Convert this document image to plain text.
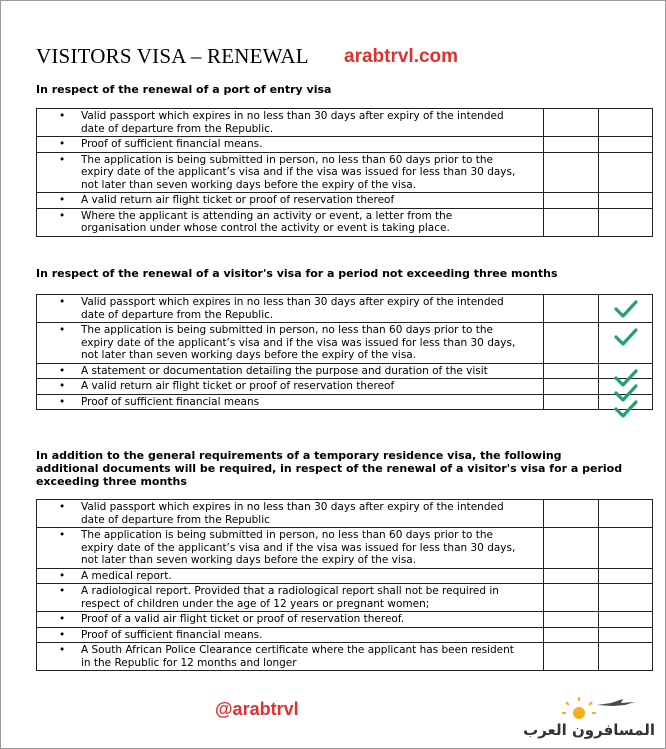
VISITORS VISA – RENEWAL arabtrvl.com
In respect of the renewal of a port of entry visa
• Valid passport which expires in no less than 30 days after expiry of the intended
date of departure from the Republic.		

• Proof of sufficient financial means.		

• The application is being submitted in person, no less than 60 days prior to the
expiry date of the applicant’s visa and if the visa was issued for less than 30 days,
not later than seven working days before the expiry of the visa.		

• A valid return air flight ticket or proof of reservation thereof		

• Where the applicant is attending an activity or event, a letter from the
organisation under whose control the activity or event is taking place.		

In respect of the renewal of a visitor's visa for a period not exceeding three months
• Valid passport which expires in no less than 30 days after expiry of the intended
date of departure from the Republic.

• The application is being submitted in person, no less than 60 days prior to the
expiry date of the applicant’s visa and if the visa was issued for less than 30 days,
not later than seven working days before the expiry of the visa.

• A statement or documentation detailing the purpose and duration of the visit

• A valid return air flight ticket or proof of reservation thereof

• Proof of sufficient financial means

In addition to the general requirements of a temporary residence visa, the following additional documents will be required, in respect of the renewal of a visitor's visa for a period exceeding three months
• Valid passport which expires in no less than 30 days after expiry of the intended
date of departure from the Republic		

• The application is being submitted in person, no less than 60 days prior to the
expiry date of the applicant’s visa and if the visa was issued for less than 30 days,
not later than seven working days before the expiry of the visa.		

• A medical report.		

• A radiological report. Provided that a radiological report shall not be required in
respect of children under the age of 12 years or pregnant women;		

• Proof of a valid air flight ticket or proof of reservation thereof.		

• Proof of sufficient financial means.		

• A South African Police Clearance certificate where the applicant has been resident
in the Republic for 12 months and longer		

@arabtrvl
المسافرون العرب
